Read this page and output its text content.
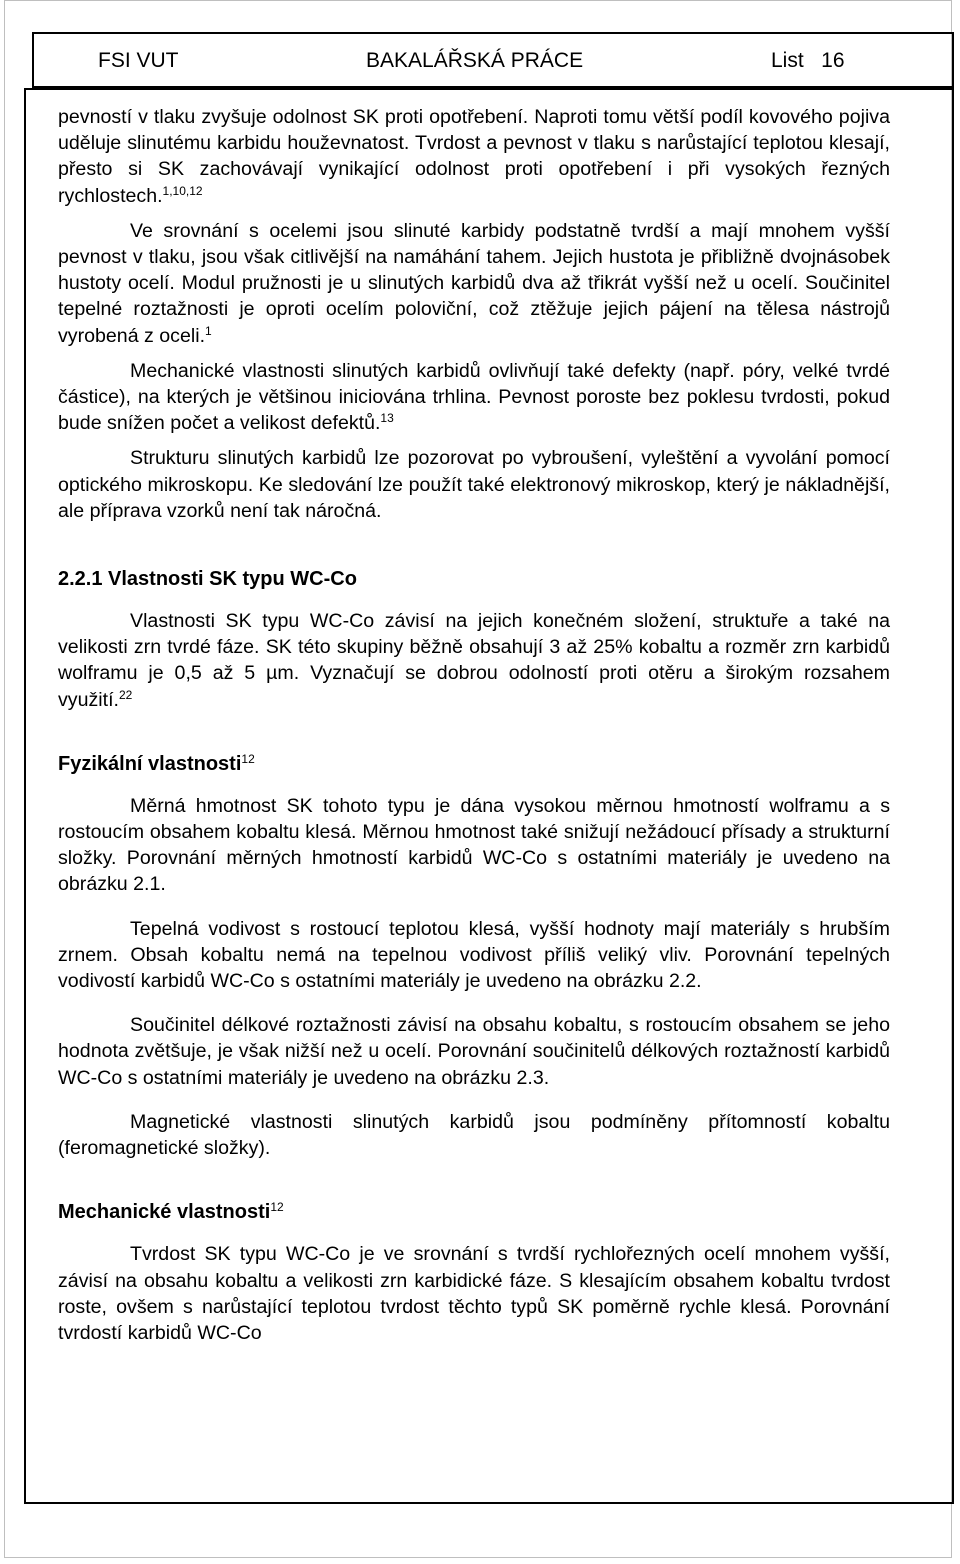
FSI VUT	BAKALÁŘSKÁ PRÁCE	List   16

pevností v tlaku zvyšuje odolnost SK proti opotřebení. Naproti tomu větší podíl kovového pojiva uděluje slinutému karbidu houževnatost. Tvrdost a pevnost v tlaku s narůstající teplotou klesají, přesto si SK zachovávají vynikající odolnost proti opotřebení i při vysokých řezných rychlostech.$^{1,10,12}$

Ve srovnání s ocelemi jsou slinuté karbidy podstatně tvrdší a mají mnohem vyšší pevnost v tlaku, jsou však citlivější na namáhání tahem. Jejich hustota je přibližně dvojnásobek hustoty ocelí. Modul pružnosti je u slinutých karbidů dva až třikrát vyšší než u ocelí. Součinitel tepelné roztažnosti je oproti ocelím poloviční, což ztěžuje jejich pájení na tělesa nástrojů vyrobená z oceli.$^1$

Mechanické vlastnosti slinutých karbidů ovlivňují také defekty (např. póry, velké tvrdé částice), na kterých je většinou iniciována trhlina. Pevnost poroste bez poklesu tvrdosti, pokud bude snížen počet a velikost defektů.$^{13}$

Strukturu slinutých karbidů lze pozorovat po vybroušení, vyleštění a vyvolání pomocí optického mikroskopu. Ke sledování lze použít také elektronový mikroskop, který je nákladnější, ale příprava vzorků není tak náročná.

2.2.1 Vlastnosti SK typu WC-Co

Vlastnosti SK typu WC-Co závisí na jejich konečném složení, struktuře a také na velikosti zrn tvrdé fáze. SK této skupiny běžně obsahují 3 až 25% kobaltu a rozměr zrn karbidů wolframu je 0,5 až 5 µm. Vyznačují se dobrou odolností proti otěru a širokým rozsahem využití.$^{22}$

Fyzikální vlastnosti$^{12}$

Měrná hmotnost SK tohoto typu je dána vysokou měrnou hmotností wolframu a s rostoucím obsahem kobaltu klesá. Měrnou hmotnost také snižují nežádoucí přísady a strukturní složky. Porovnání měrných hmotností karbidů WC-Co s ostatními materiály je uvedeno na obrázku 2.1.

Tepelná vodivost s rostoucí teplotou klesá, vyšší hodnoty mají materiály s hrubším zrnem. Obsah kobaltu nemá na tepelnou vodivost příliš veliký vliv. Porovnání tepelných vodivostí karbidů WC-Co s ostatními materiály je uvedeno na obrázku 2.2.

Součinitel délkové roztažnosti závisí na obsahu kobaltu, s rostoucím obsahem se jeho hodnota zvětšuje, je však nižší než u ocelí. Porovnání součinitelů délkových roztažností karbidů WC-Co s ostatními materiály je uvedeno na obrázku 2.3.

Magnetické vlastnosti slinutých karbidů jsou podmíněny přítomností kobaltu (feromagnetické složky).

Mechanické vlastnosti$^{12}$

Tvrdost SK typu WC-Co je ve srovnání s tvrdší rychlořezných ocelí mnohem vyšší, závisí na obsahu kobaltu a velikosti zrn karbidické fáze. S klesajícím obsahem kobaltu tvrdost roste, ovšem s narůstající teplotou tvrdost těchto typů SK poměrně rychle klesá. Porovnání tvrdostí karbidů WC-Co
